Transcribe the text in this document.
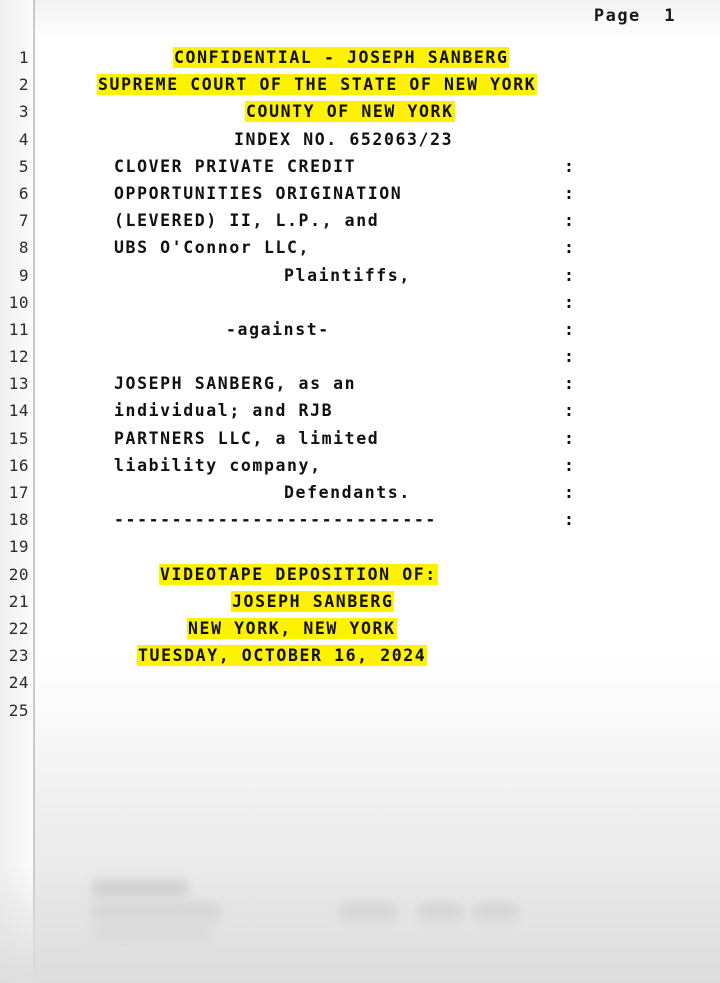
Page  1
1
2
3
4
5
6
7
8
9
10
11
12
13
14
15
16
17
18
19
20
21
22
23
24
25
CONFIDENTIAL - JOSEPH SANBERG
SUPREME COURT OF THE STATE OF NEW YORK
COUNTY OF NEW YORK
INDEX NO. 652063/23
CLOVER PRIVATE CREDIT	:
OPPORTUNITIES ORIGINATION	:
(LEVERED) II, L.P., and	:
UBS O'Connor LLC,	:
Plaintiffs,	:
:
-against-	:
:
JOSEPH SANBERG, as an	:
individual; and RJB	:
PARTNERS LLC, a limited	:
liability company,	:
Defendants.	:
----------------------------	:
VIDEOTAPE DEPOSITION OF:
JOSEPH SANBERG
NEW YORK, NEW YORK
TUESDAY, OCTOBER 16, 2024
